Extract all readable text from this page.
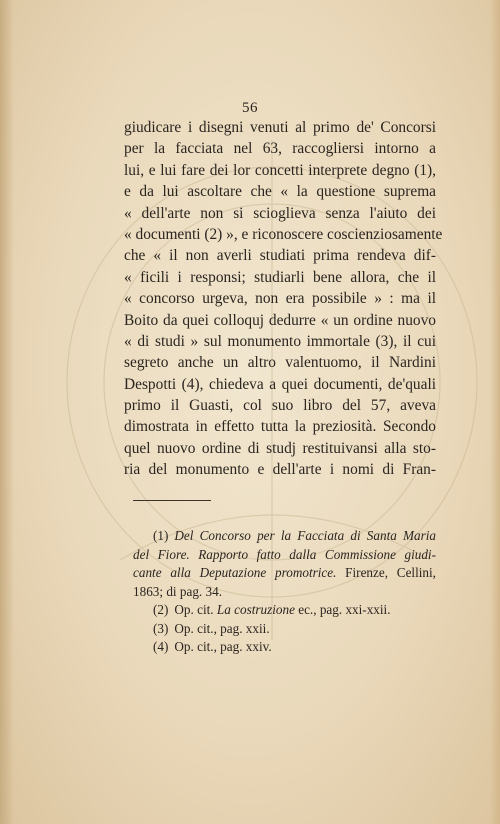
56
giudicare i disegni venuti al primo de' Concorsi
per la facciata nel 63, raccogliersi intorno a
lui, e lui fare dei lor concetti interprete degno (1),
e da lui ascoltare che « la questione suprema
« dell'arte non si scioglieva senza l'aiuto dei
« documenti (2) », e riconoscere coscienziosamente
che « il non averli studiati prima rendeva dif-
« ficili i responsi; studiarli bene allora, che il
« concorso urgeva, non era possibile » : ma il
Boito da quei colloquj dedurre « un ordine nuovo
« di studi » sul monumento immortale (3), il cui
segreto anche un altro valentuomo, il Nardini
Despotti (4), chiedeva a quei documenti, de'quali
primo il Guasti, col suo libro del 57, aveva
dimostrata in effetto tutta la preziosità. Secondo
quel nuovo ordine di studj restituivansi alla sto-
ria del monumento e dell'arte i nomi di Fran-
(1) Del Concorso per la Facciata di Santa Maria
del Fiore. Rapporto fatto dalla Commissione giudi-
cante alla Deputazione promotrice. Firenze, Cellini,
1863; di pag. 34.
(2) Op. cit. La costruzione ec., pag. xxi-xxii.
(3) Op. cit., pag. xxii.
(4) Op. cit., pag. xxiv.
